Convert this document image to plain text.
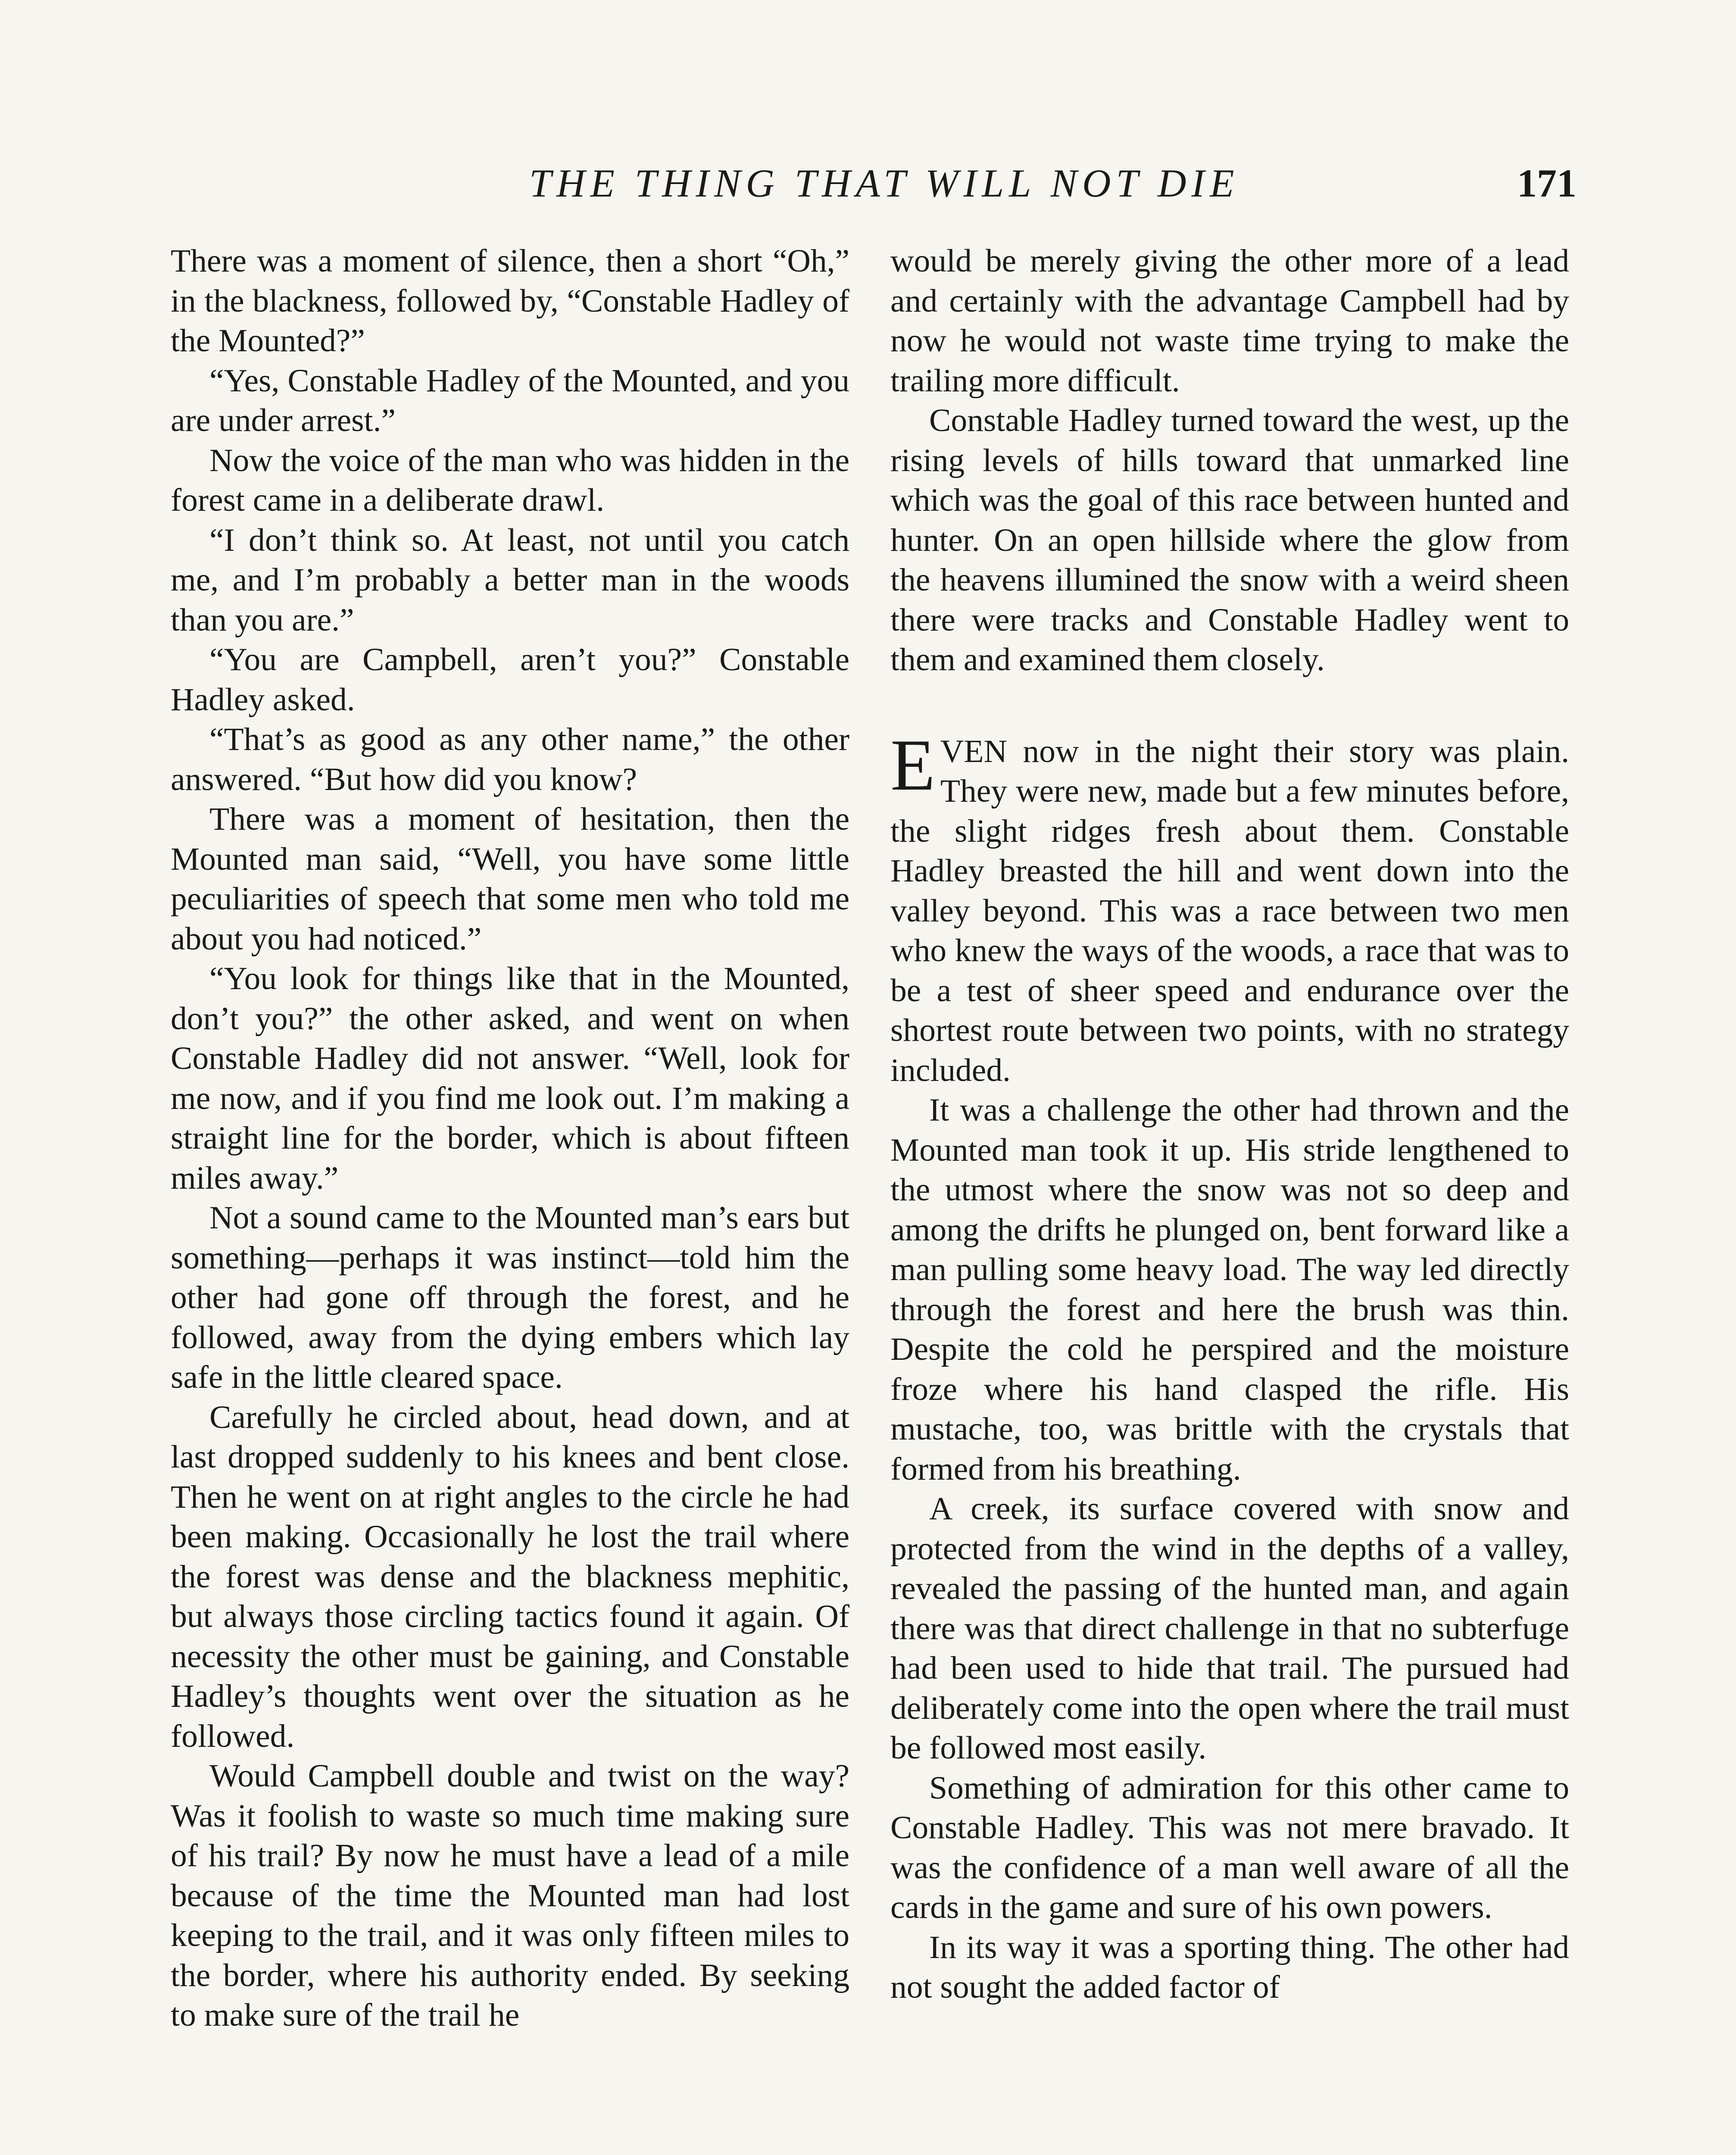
THE THING THAT WILL NOT DIE	171

There was a moment of silence, then a short “Oh,” in the blackness, followed by, “Constable Hadley of the Mounted?”

“Yes, Constable Hadley of the Mounted, and you are under arrest.”

Now the voice of the man who was hidden in the forest came in a deliberate drawl.

“I don’t think so. At least, not until you catch me, and I’m probably a better man in the woods than you are.”

“You are Campbell, aren’t you?” Constable Hadley asked.

“That’s as good as any other name,” the other answered. “But how did you know?

There was a moment of hesitation, then the Mounted man said, “Well, you have some little peculiarities of speech that some men who told me about you had noticed.”

“You look for things like that in the Mounted, don’t you?” the other asked, and went on when Constable Hadley did not answer. “Well, look for me now, and if you find me look out. I’m making a straight line for the border, which is about fifteen miles away.”

Not a sound came to the Mounted man’s ears but something—perhaps it was instinct—told him the other had gone off through the forest, and he followed, away from the dying embers which lay safe in the little cleared space.

Carefully he circled about, head down, and at last dropped suddenly to his knees and bent close. Then he went on at right angles to the circle he had been making. Occasionally he lost the trail where the forest was dense and the blackness mephitic, but always those circling tactics found it again. Of necessity the other must be gaining, and Constable Hadley’s thoughts went over the situation as he followed.

Would Campbell double and twist on the way? Was it foolish to waste so much time making sure of his trail? By now he must have a lead of a mile because of the time the Mounted man had lost keeping to the trail, and it was only fifteen miles to the border, where his authority ended. By seeking to make sure of the trail he

would be merely giving the other more of a lead and certainly with the advantage Campbell had by now he would not waste time trying to make the trailing more difficult.

Constable Hadley turned toward the west, up the rising levels of hills toward that unmarked line which was the goal of this race between hunted and hunter. On an open hillside where the glow from the heavens illumined the snow with a weird sheen there were tracks and Constable Hadley went to them and examined them closely.

EVEN now in the night their story was plain. They were new, made but a few minutes before, the slight ridges fresh about them. Constable Hadley breasted the hill and went down into the valley beyond. This was a race between two men who knew the ways of the woods, a race that was to be a test of sheer speed and endurance over the shortest route between two points, with no strategy included.

It was a challenge the other had thrown and the Mounted man took it up. His stride lengthened to the utmost where the snow was not so deep and among the drifts he plunged on, bent forward like a man pulling some heavy load. The way led directly through the forest and here the brush was thin. Despite the cold he perspired and the moisture froze where his hand clasped the rifle. His mustache, too, was brittle with the crystals that formed from his breathing.

A creek, its surface covered with snow and protected from the wind in the depths of a valley, revealed the passing of the hunted man, and again there was that direct challenge in that no subterfuge had been used to hide that trail. The pursued had deliberately come into the open where the trail must be followed most easily.

Something of admiration for this other came to Constable Hadley. This was not mere bravado. It was the confidence of a man well aware of all the cards in the game and sure of his own powers.

In its way it was a sporting thing. The other had not sought the added factor of
